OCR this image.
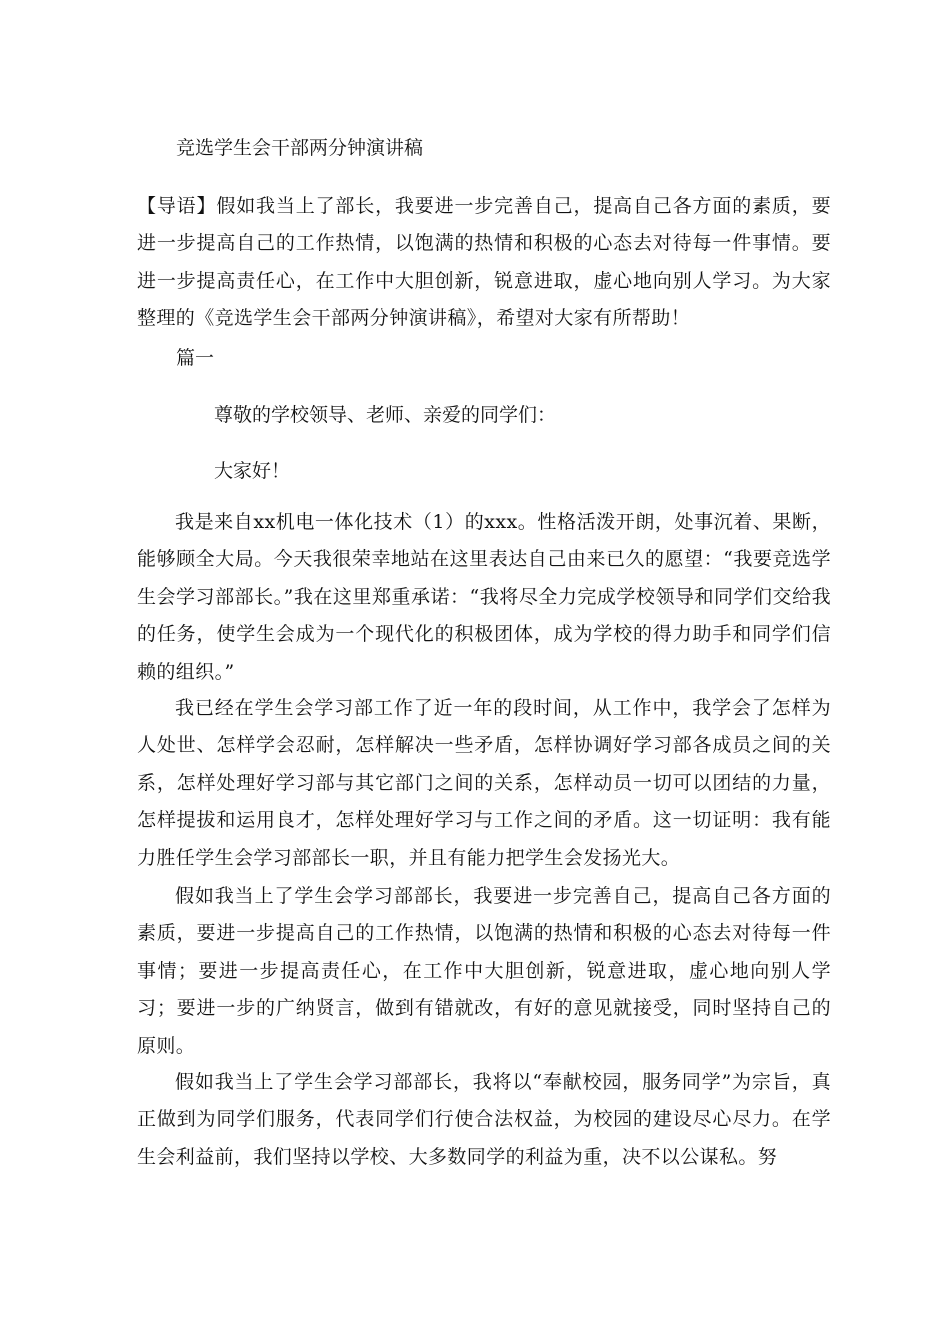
竞选学生会干部两分钟演讲稿
【导语】假如我当上了部长，我要进一步完善自己，提高自己各方面的素质，要进一步提高自己的工作热情，以饱满的热情和积极的心态去对待每一件事情。要进一步提高责任心，在工作中大胆创新，锐意进取，虚心地向别人学习。为大家整理的《竞选学生会干部两分钟演讲稿》，希望对大家有所帮助！
篇一
尊敬的学校领导、老师、亲爱的同学们：
大家好！
我是来自xx机电一体化技术（1）的xxx。性格活泼开朗，处事沉着、果断，能够顾全大局。今天我很荣幸地站在这里表达自己由来已久的愿望：“我要竞选学生会学习部部长。”我在这里郑重承诺：“我将尽全力完成学校领导和同学们交给我的任务，使学生会成为一个现代化的积极团体，成为学校的得力助手和同学们信赖的组织。”
我已经在学生会学习部工作了近一年的段时间，从工作中，我学会了怎样为人处世、怎样学会忍耐，怎样解决一些矛盾，怎样协调好学习部各成员之间的关系，怎样处理好学习部与其它部门之间的关系，怎样动员一切可以团结的力量，怎样提拔和运用良才，怎样处理好学习与工作之间的矛盾。这一切证明：我有能力胜任学生会学习部部长一职，并且有能力把学生会发扬光大。
假如我当上了学生会学习部部长，我要进一步完善自己，提高自己各方面的素质，要进一步提高自己的工作热情，以饱满的热情和积极的心态去对待每一件事情；要进一步提高责任心，在工作中大胆创新，锐意进取，虚心地向别人学习；要进一步的广纳贤言，做到有错就改，有好的意见就接受，同时坚持自己的原则。
假如我当上了学生会学习部部长，我将以“奉献校园，服务同学”为宗旨，真正做到为同学们服务，代表同学们行使合法权益，为校园的建设尽心尽力。在学生会利益前，我们坚持以学校、大多数同学的利益为重，决不以公谋私。努
